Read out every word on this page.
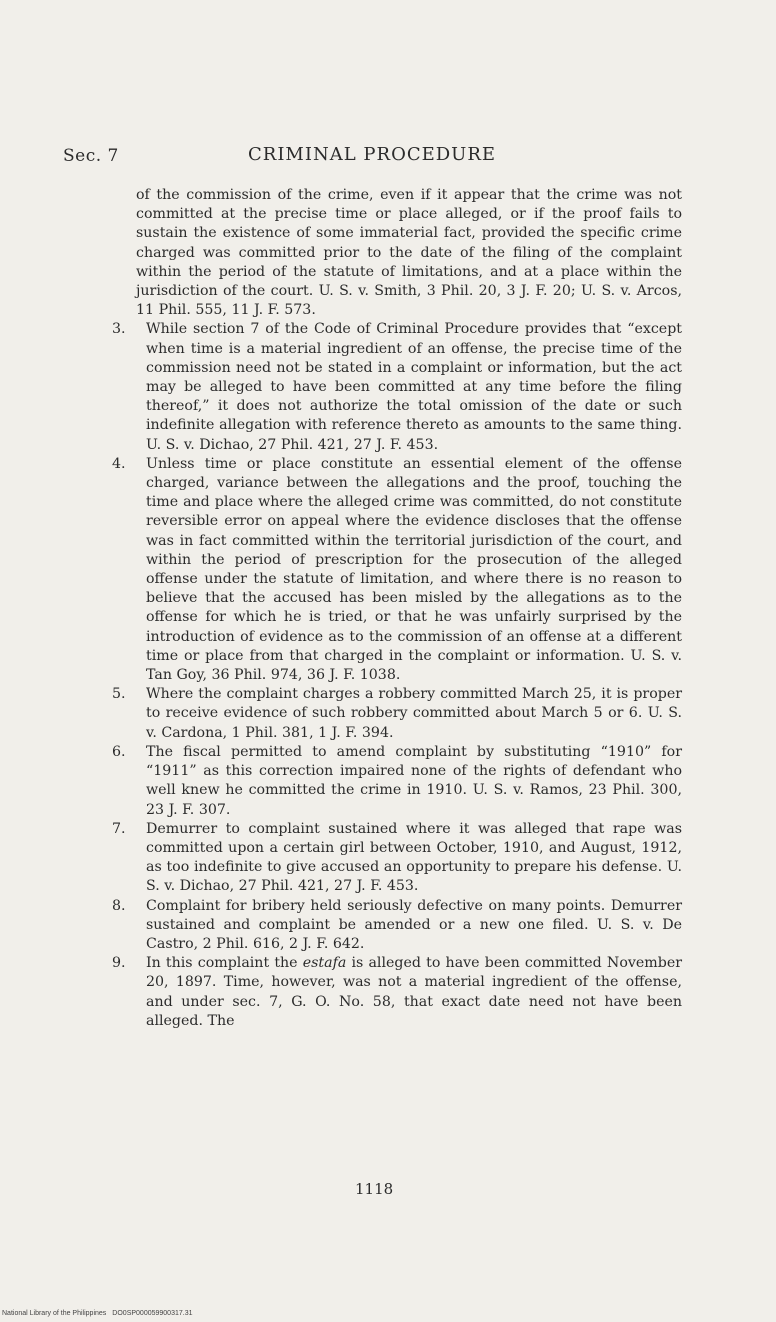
Sec. 7	CRIMINAL PROCEDURE

of the commission of the crime, even if it appear that the crime was not committed at the precise time or place alleged, or if the proof fails to sustain the existence of some immaterial fact, provided the specific crime charged was committed prior to the date of the filing of the complaint within the period of the statute of limitations, and at a place within the jurisdiction of the court. U. S. v. Smith, 3 Phil. 20, 3 J. F. 20; U. S. v. Arcos, 11 Phil. 555, 11 J. F. 573.

3. While section 7 of the Code of Criminal Procedure provides that “except when time is a material ingredient of an offense, the precise time of the commission need not be stated in a complaint or information, but the act may be alleged to have been committed at any time before the filing thereof,” it does not authorize the total omission of the date or such indefinite allegation with reference thereto as amounts to the same thing. U. S. v. Dichao, 27 Phil. 421, 27 J. F. 453.

4. Unless time or place constitute an essential element of the offense charged, variance between the allegations and the proof, touching the time and place where the alleged crime was committed, do not constitute reversible error on appeal where the evidence discloses that the offense was in fact committed within the territorial jurisdiction of the court, and within the period of prescription for the prosecution of the alleged offense under the statute of limitation, and where there is no reason to believe that the accused has been misled by the allegations as to the offense for which he is tried, or that he was unfairly surprised by the introduction of evidence as to the commission of an offense at a different time or place from that charged in the complaint or information. U. S. v. Tan Goy, 36 Phil. 974, 36 J. F. 1038.

5. Where the complaint charges a robbery committed March 25, it is proper to receive evidence of such robbery committed about March 5 or 6. U. S. v. Cardona, 1 Phil. 381, 1 J. F. 394.

6. The fiscal permitted to amend complaint by substituting “1910” for “1911” as this correction impaired none of the rights of defendant who well knew he committed the crime in 1910. U. S. v. Ramos, 23 Phil. 300, 23 J. F. 307.

7. Demurrer to complaint sustained where it was alleged that rape was committed upon a certain girl between October, 1910, and August, 1912, as too indefinite to give accused an opportunity to prepare his defense. U. S. v. Dichao, 27 Phil. 421, 27 J. F. 453.

8. Complaint for bribery held seriously defective on many points. Demurrer sustained and complaint be amended or a new one filed. U. S. v. De Castro, 2 Phil. 616, 2 J. F. 642.

9. In this complaint the estafa is alleged to have been committed November 20, 1897. Time, however, was not a material ingredient of the offense, and under sec. 7, G. O. No. 58, that exact date need not have been alleged. The

1118
National Library of the Philippines DO0SP000059900317.31
